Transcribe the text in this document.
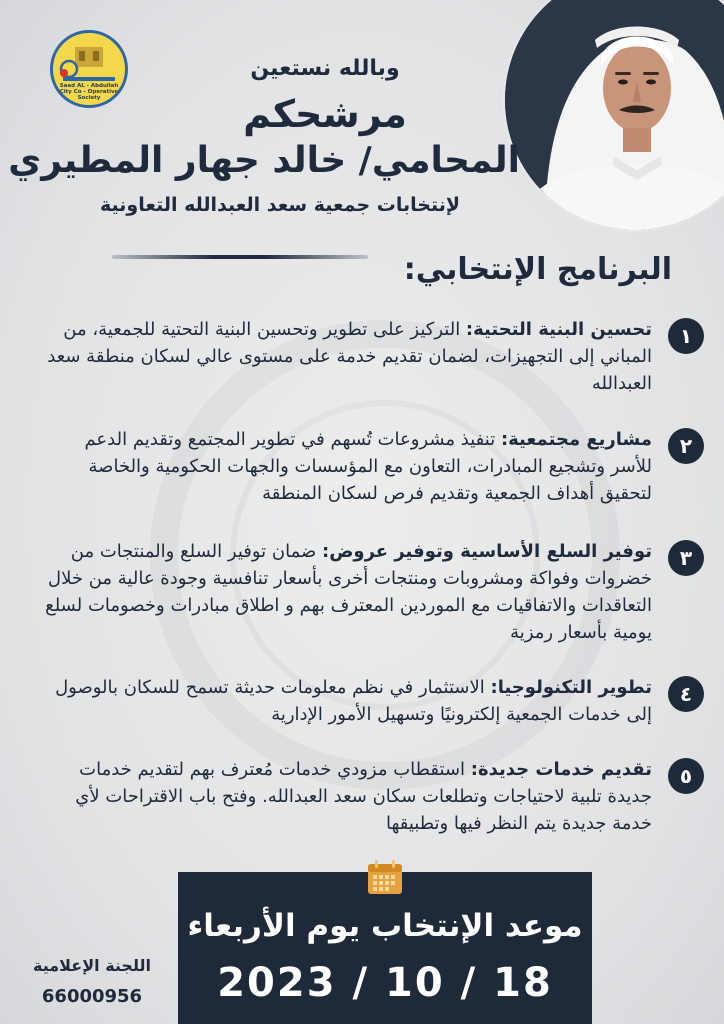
Saad AL - Abdullah
City Co - Operative
Society
وبالله نستعين
مرشحكم
المحامي/ خالد جهار المطيري
لإنتخابات جمعية سعد العبدالله التعاونية
البرنامج الإنتخابي:
١
تحسين البنية التحتية: التركيز على تطوير وتحسين البنية التحتية للجمعية، من المباني إلى التجهيزات، لضمان تقديم خدمة على مستوى عالي لسكان منطقة سعد العبدالله
٢
مشاريع مجتمعية: تنفيذ مشروعات تُسهم في تطوير المجتمع وتقديم الدعم للأسر وتشجيع المبادرات، التعاون مع المؤسسات والجهات الحكومية والخاصة لتحقيق أهداف الجمعية وتقديم فرص لسكان المنطقة
٣
توفير السلع الأساسية وتوفير عروض: ضمان توفير السلع والمنتجات من خضروات وفواكة ومشروبات ومنتجات أخرى بأسعار تنافسية وجودة عالية من خلال التعاقدات والاتفاقيات مع الموردين المعترف بهم و اطلاق مبادرات وخصومات لسلع يومية بأسعار رمزية
٤
تطوير التكنولوجيا: الاستثمار في نظم معلومات حديثة تسمح للسكان بالوصول إلى خدمات الجمعية إلكترونيًا وتسهيل الأمور الإدارية
٥
تقديم خدمات جديدة: استقطاب مزودي خدمات مُعترف بهم لتقديم خدمات جديدة تلبية لاحتياجات وتطلعات سكان سعد العبدالله. وفتح باب الاقتراحات لأي خدمة جديدة يتم النظر فيها وتطبيقها
موعد الإنتخاب يوم الأربعاء
2023 / 10 / 18
اللجنة الإعلامية
66000956
